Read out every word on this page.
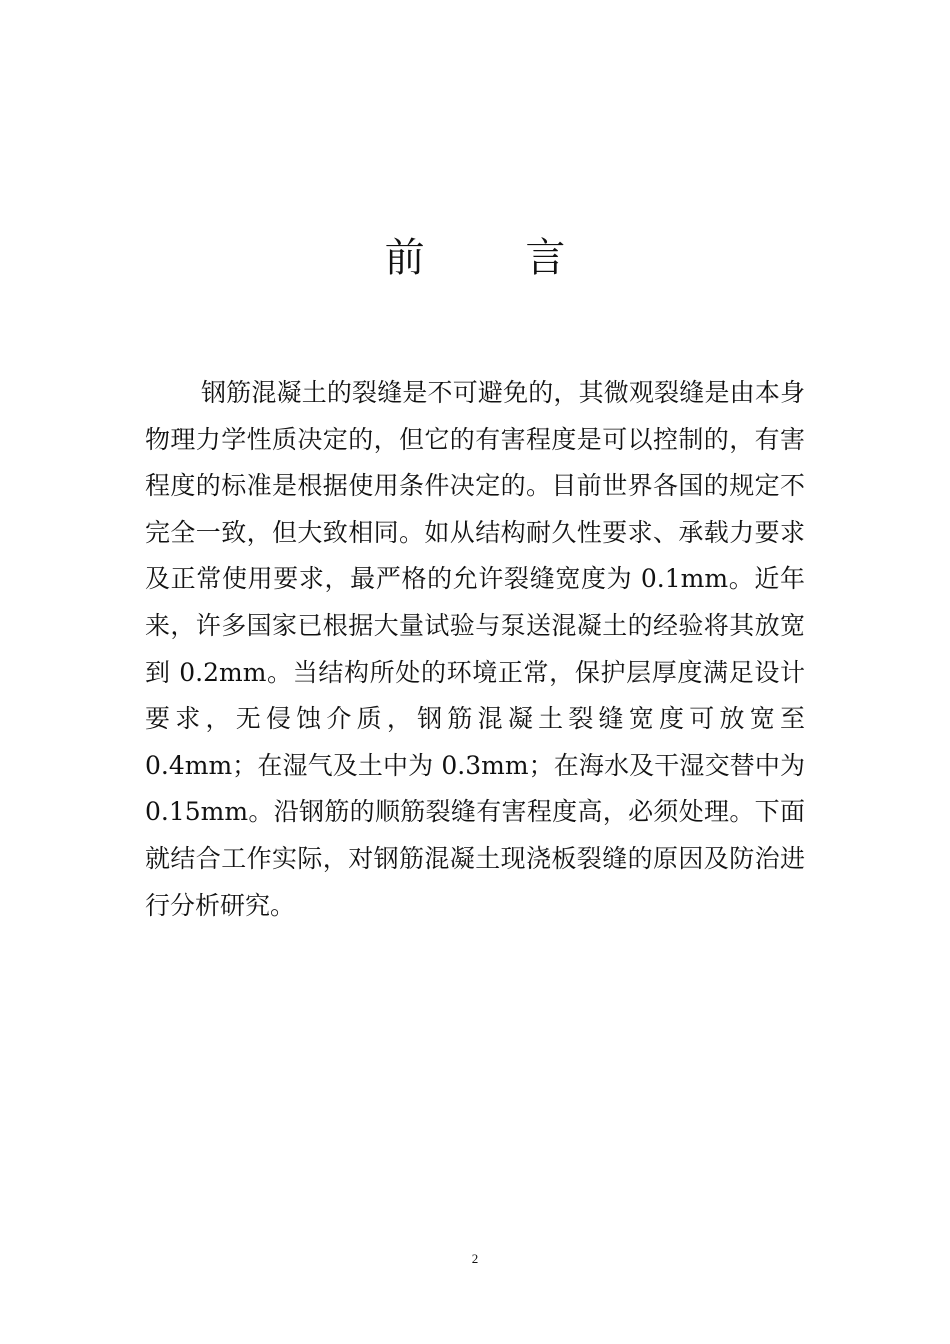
前 言

钢筋混凝土的裂缝是不可避免的，其微观裂缝是由本身物理力学性质决定的，但它的有害程度是可以控制的，有害程度的标准是根据使用条件决定的。目前世界各国的规定不完全一致，但大致相同。如从结构耐久性要求、承载力要求及正常使用要求，最严格的允许裂缝宽度为 0.1mm。近年来，许多国家已根据大量试验与泵送混凝土的经验将其放宽到 0.2mm。当结构所处的环境正常，保护层厚度满足设计要求，无侵蚀介质，钢筋混凝土裂缝宽度可放宽至 0.4mm；在湿气及土中为 0.3mm；在海水及干湿交替中为 0.15mm。沿钢筋的顺筋裂缝有害程度高，必须处理。下面就结合工作实际，对钢筋混凝土现浇板裂缝的原因及防治进行分析研究。

2
